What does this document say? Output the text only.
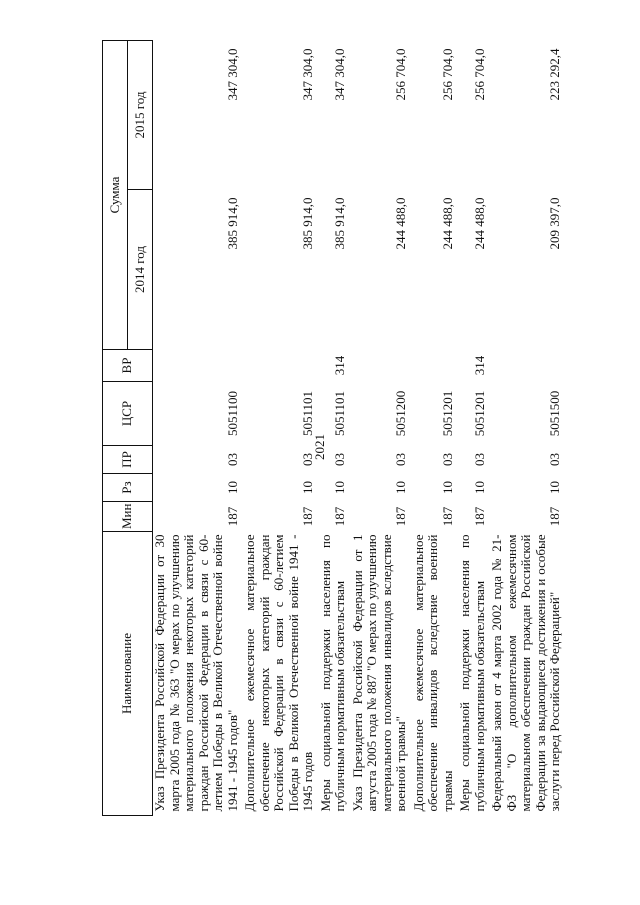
2021
Наименование	Мин	Рз	ПР	ЦСР	ВР	Сумма	
						2014 год	2015 год
Указ Президента Российской Федерации от 30 марта 2005 года № 363 "О мерах по улучшению материального положения некоторых категорий граждан Российской Федерации в связи с 60-летием Победы в Великой Отечественной войне 1941 - 1945 годов"	187	10	03	5051100		385 914,0	347 304,0
Дополнительное ежемесячное материальное обеспечение некоторых категорий граждан Российской Федерации в связи с 60-летием Победы в Великой Отечественной войне 1941 - 1945 годов	187	10	03	5051101		385 914,0	347 304,0
Меры социальной поддержки населения по публичным нормативным обязательствам	187	10	03	5051101	314	385 914,0	347 304,0
Указ Президента Российской Федерации от 1 августа 2005 года № 887 "О мерах по улучшению материального положения инвалидов вследствие военной травмы"	187	10	03	5051200		244 488,0	256 704,0
Дополнительное ежемесячное материальное обеспечение инвалидов вследствие военной травмы	187	10	03	5051201		244 488,0	256 704,0
Меры социальной поддержки населения по публичным нормативным обязательствам	187	10	03	5051201	314	244 488,0	256 704,0
Федеральный закон от 4 марта 2002 года № 21-ФЗ "О дополнительном ежемесячном материальном обеспечении граждан Российской Федерации за выдающиеся достижения и особые заслуги перед Российской Федерацией"	187	10	03	5051500		209 397,0	223 292,4
